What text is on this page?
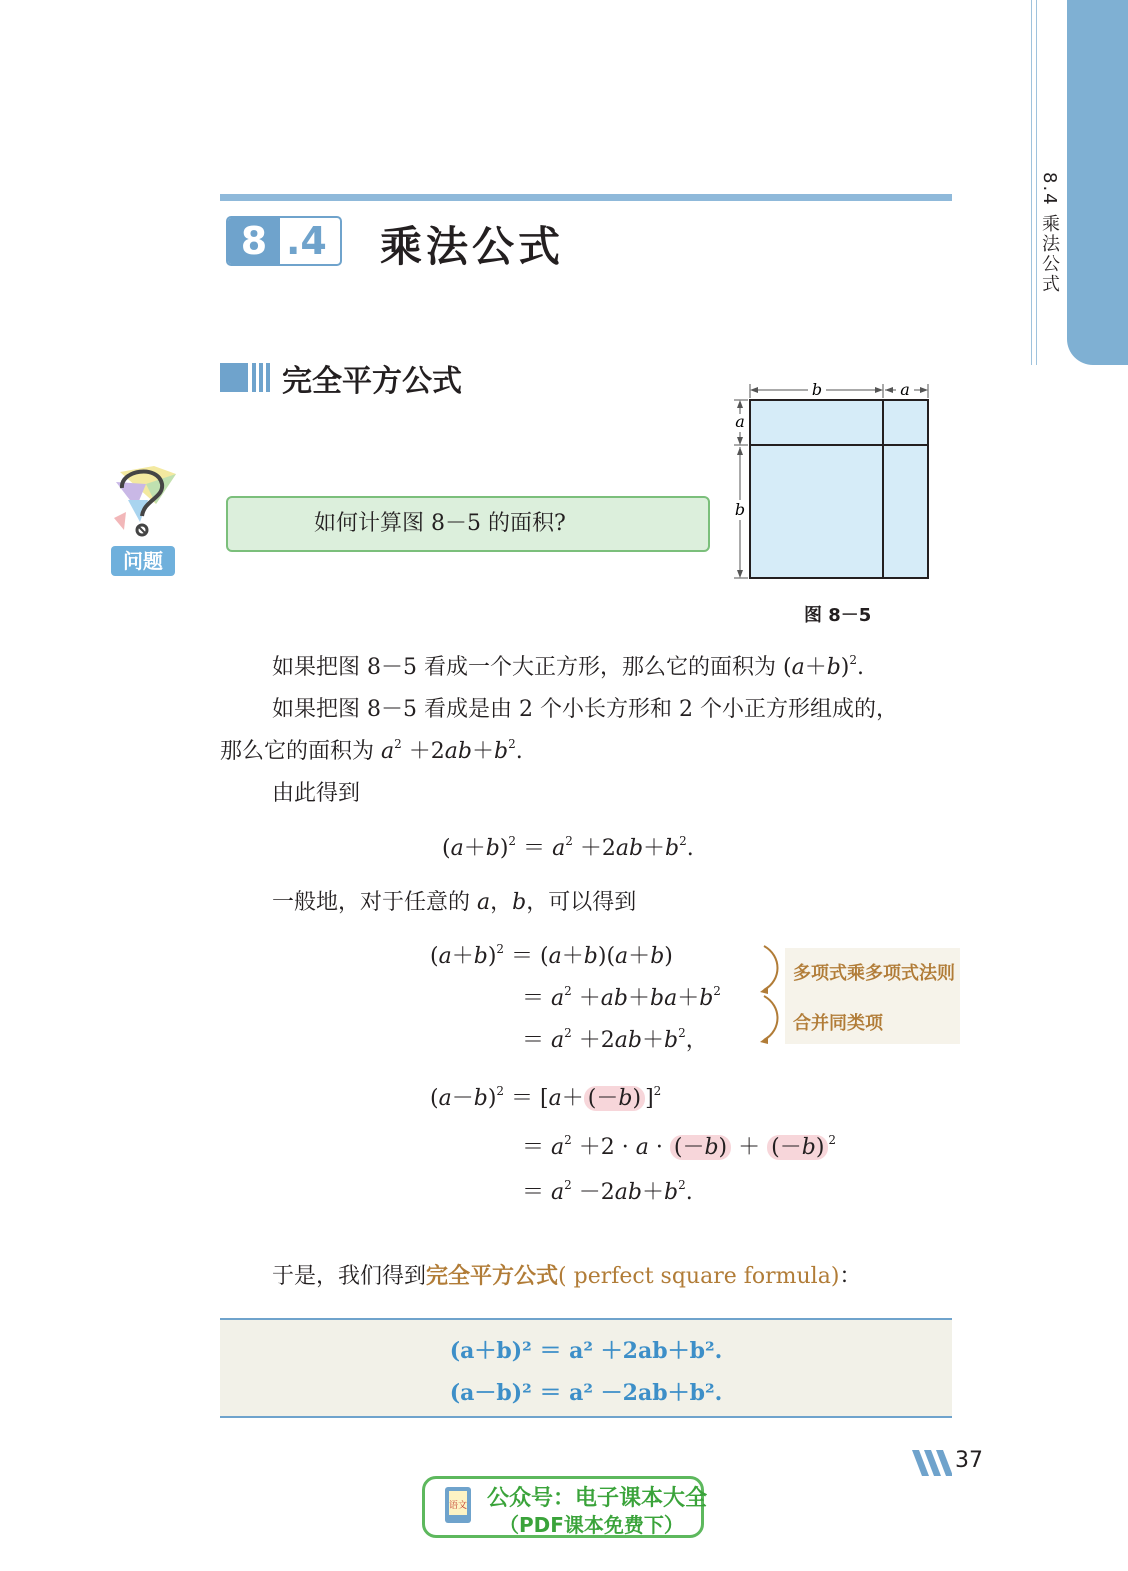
8.4 乘法公式
8 .4	乘法公式
完全平方公式
问题
如何计算图 8－5 的面积?
b	a
a
b
图 8－5
如果把图 8－5 看成一个大正方形，那么它的面积为 $(a+b)^2$.
如果把图 8－5 看成是由 2 个小长方形和 2 个小正方形组成的，
那么它的面积为 $a^2 +2ab+b^2$.
由此得到
$(a+b)^2 = a^2 +2ab+b^2$.
一般地，对于任意的 a，b，可以得到
$(a+b)^2 = (a+b)(a+b)$
＝ $a^2 +ab+ba+b^2$
＝ $a^2 +2ab+b^2$，
多项式乘多项式法则
合并同类项
$(a-b)^2 = [a+ (-b)$ ]$^2$
＝ $a^2 +2 \cdot a \cdot (-b) + (-b)$ $^2$
＝ $a^2 -2ab+b^2$.
于是，我们得到完全平方公式( perfect square formula)：
(a＋b)² ＝ a² ＋2ab＋b².
(a－b)² ＝ a² －2ab＋b².
37
语文 公众号：电子课本大全
（PDF课本免费下）
